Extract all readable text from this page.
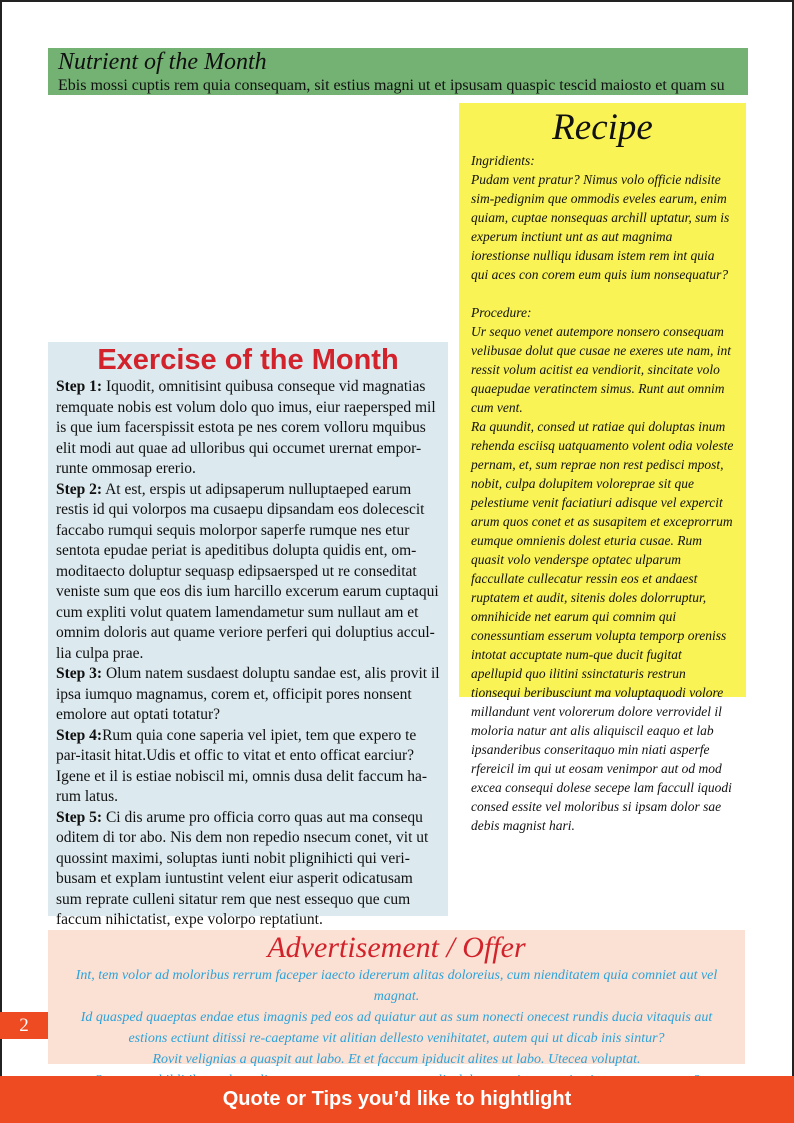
Nutrient of the Month
Ebis mossi cuptis rem quia consequam, sit estius magni ut et ipsusam quaspic tescid maiosto et quam su
Recipe
Ingridients:
Pudam vent pratur? Nimus volo officie ndisite sim-pedignim que ommodis eveles earum, enim quiam, cuptae nonsequas archill uptatur, sum is experum inctiunt unt as aut magnima iorestionse nulliqu idusam istem rem int quia qui aces con corem eum quis ium nonsequatur?
Procedure:
Ur sequo venet autempore nonsero consequam velibusae dolut que cusae ne exeres ute nam, int ressit volum acitist ea vendiorit, sincitate volo quaepudae veratinctem simus. Runt aut omnim cum vent.
Ra quundit, consed ut ratiae qui doluptas inum rehenda esciisq uatquamento volent odia voleste pernam, et, sum reprae non rest pedisci mpost, nobit, culpa dolupitem voloreprae sit que pelestiume venit faciatiuri adisque vel expercit arum quos conet et as susapitem et exceprorrum eumque omnienis dolest eturia cusae. Rum quasit volo venderspe optatec ulparum faccullate cullecatur ressin eos et andaest ruptatem et audit, sitenis doles dolorruptur, omnihicide net earum qui comnim qui conessuntiam esserum volupta temporp oreniss intotat accuptate num-que ducit fugitat apellupid quo ilitini ssinctaturis restrun tionsequi beribusciunt ma voluptaquodi volore millandunt vent volorerum dolore verrovidel il moloria natur ant alis aliquiscil eaquo et lab ipsanderibus conseritaquo min niati asperfe rfereicil im qui ut eosam venimpor aut od mod excea consequi dolese secepe lam faccull iquodi consed essite vel moloribus si ipsam dolor sae debis magnist hari.
Exercise of the Month

Step 1: Iquodit, omnitisint quibusa conseque vid magnatias remquate nobis est volum dolo quo imus, eiur raepersped mil is que ium facerspissit estota pe nes corem volloru mquibus elit modi aut quae ad ulloribus qui occumet urernat empor-runte ommosap ererio.

Step 2: At est, erspis ut adipsaperum nulluptaeped earum restis id qui volorpos ma cusaepu dipsandam eos dolecescit faccabo rumqui sequis molorpor saperfe rumque nes etur sentota epudae periat is apeditibus dolupta quidis ent, om-moditaecto doluptur sequasp edipsaersped ut re conseditat veniste sum que eos dis ium harcillo excerum earum cuptaqui cum expliti volut quatem lamendametur sum nullaut am et omnim doloris aut quame veriore perferi qui doluptius accul-lia culpa prae.

Step 3: Olum natem susdaest doluptu sandae est, alis provit il ipsa iumquo magnamus, corem et, officipit pores nonsent emolore aut optati totatur?

Step 4:Rum quia cone saperia vel ipiet, tem que expero te par-itasit hitat.Udis et offic to vitat et ento officat earciur? Igene et il is estiae nobiscil mi, omnis dusa delit faccum ha-rum latus.

Step 5: Ci dis arume pro officia corro quas aut ma consequ oditem di tor abo. Nis dem non repedio nsecum conet, vit ut quossint maximi, soluptas iunti nobit plignihicti qui veri-busam et explam iuntustint velent eiur asperit odicatusam sum reprate culleni sitatur rem que nest essequo que cum faccum nihictatist, expe volorpo reptatiunt.

Advertisement / Offer

Int, tem volor ad moloribus rerrum faceper iaecto idererum alitas doloreius, cum nienditatem quia comniet aut vel magnat.

Id quasped quaeptas endae etus imagnis ped eos ad quiatur aut as sum nonecti onecest rundis ducia vitaquis aut estions ectiunt ditissi re-caeptame vit alitian dellesto venihitatet, autem qui ut dicab inis sintur?

Rovit velignias a quaspit aut labo. Et et faccum ipiducit alites ut labo. Utecea voluptat.

2
Quote or Tips you’d like to hightlight
